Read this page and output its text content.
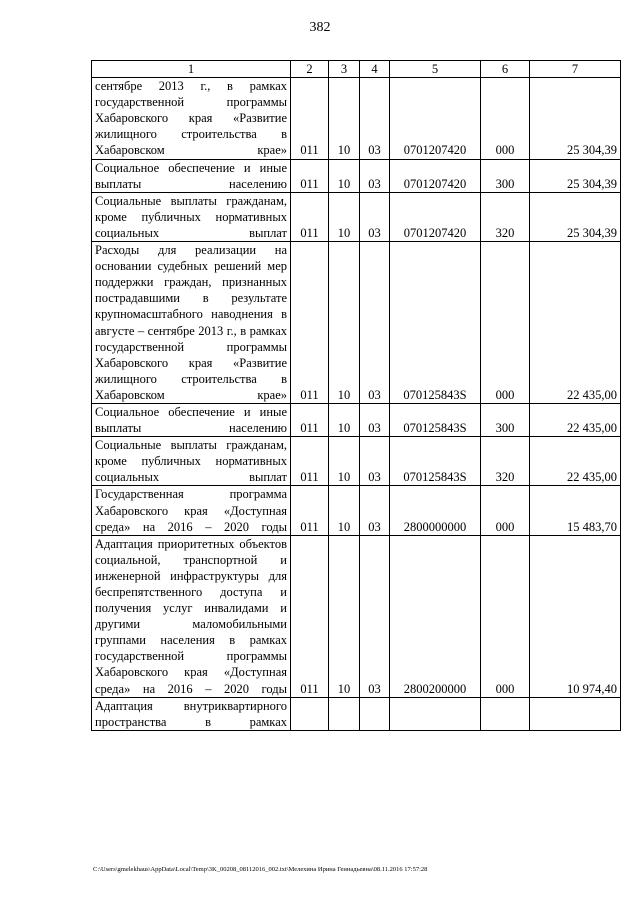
382
1	2	3	4	5	6	7

сентябре 2013 г., в рамках государственной программы Хабаровского края «Развитие жилищного строительства в Хабаровском крае»	011	10	03	0701207420	000	25 304,39

Социальное обеспечение и иные выплаты населению	011	10	03	0701207420	300	25 304,39

Социальные выплаты гражданам, кроме публичных нормативных социальных выплат	011	10	03	0701207420	320	25 304,39

Расходы для реализации на основании судебных решений мер поддержки граждан, признанных пострадавшими в результате крупномасштабного наводнения в августе – сентябре 2013 г., в рамках государственной программы Хабаровского края «Развитие жилищного строительства в Хабаровском крае»	011	10	03	070125843S	000	22 435,00

Социальное обеспечение и иные выплаты населению	011	10	03	070125843S	300	22 435,00

Социальные выплаты гражданам, кроме публичных нормативных социальных выплат	011	10	03	070125843S	320	22 435,00

Государственная программа Хабаровского края «Доступная среда» на 2016 – 2020 годы	011	10	03	2800000000	000	15 483,70

Адаптация приоритетных объектов социальной, транспортной и инженерной инфраструктуры для беспрепятственного доступа и получения услуг инвалидами и другими маломобильными группами населения в рамках государственной программы Хабаровского края «Доступная среда» на 2016 – 2020 годы	011	10	03	2800200000	000	10 974,40

Адаптация внутриквартирного пространства в рамках						

C:\Users\gmelekhaus\AppData\Local\Temp\3K_00208_08112016_002.txt\Мелехина Ирина Геннадьевна\08.11.2016 17:57:28
